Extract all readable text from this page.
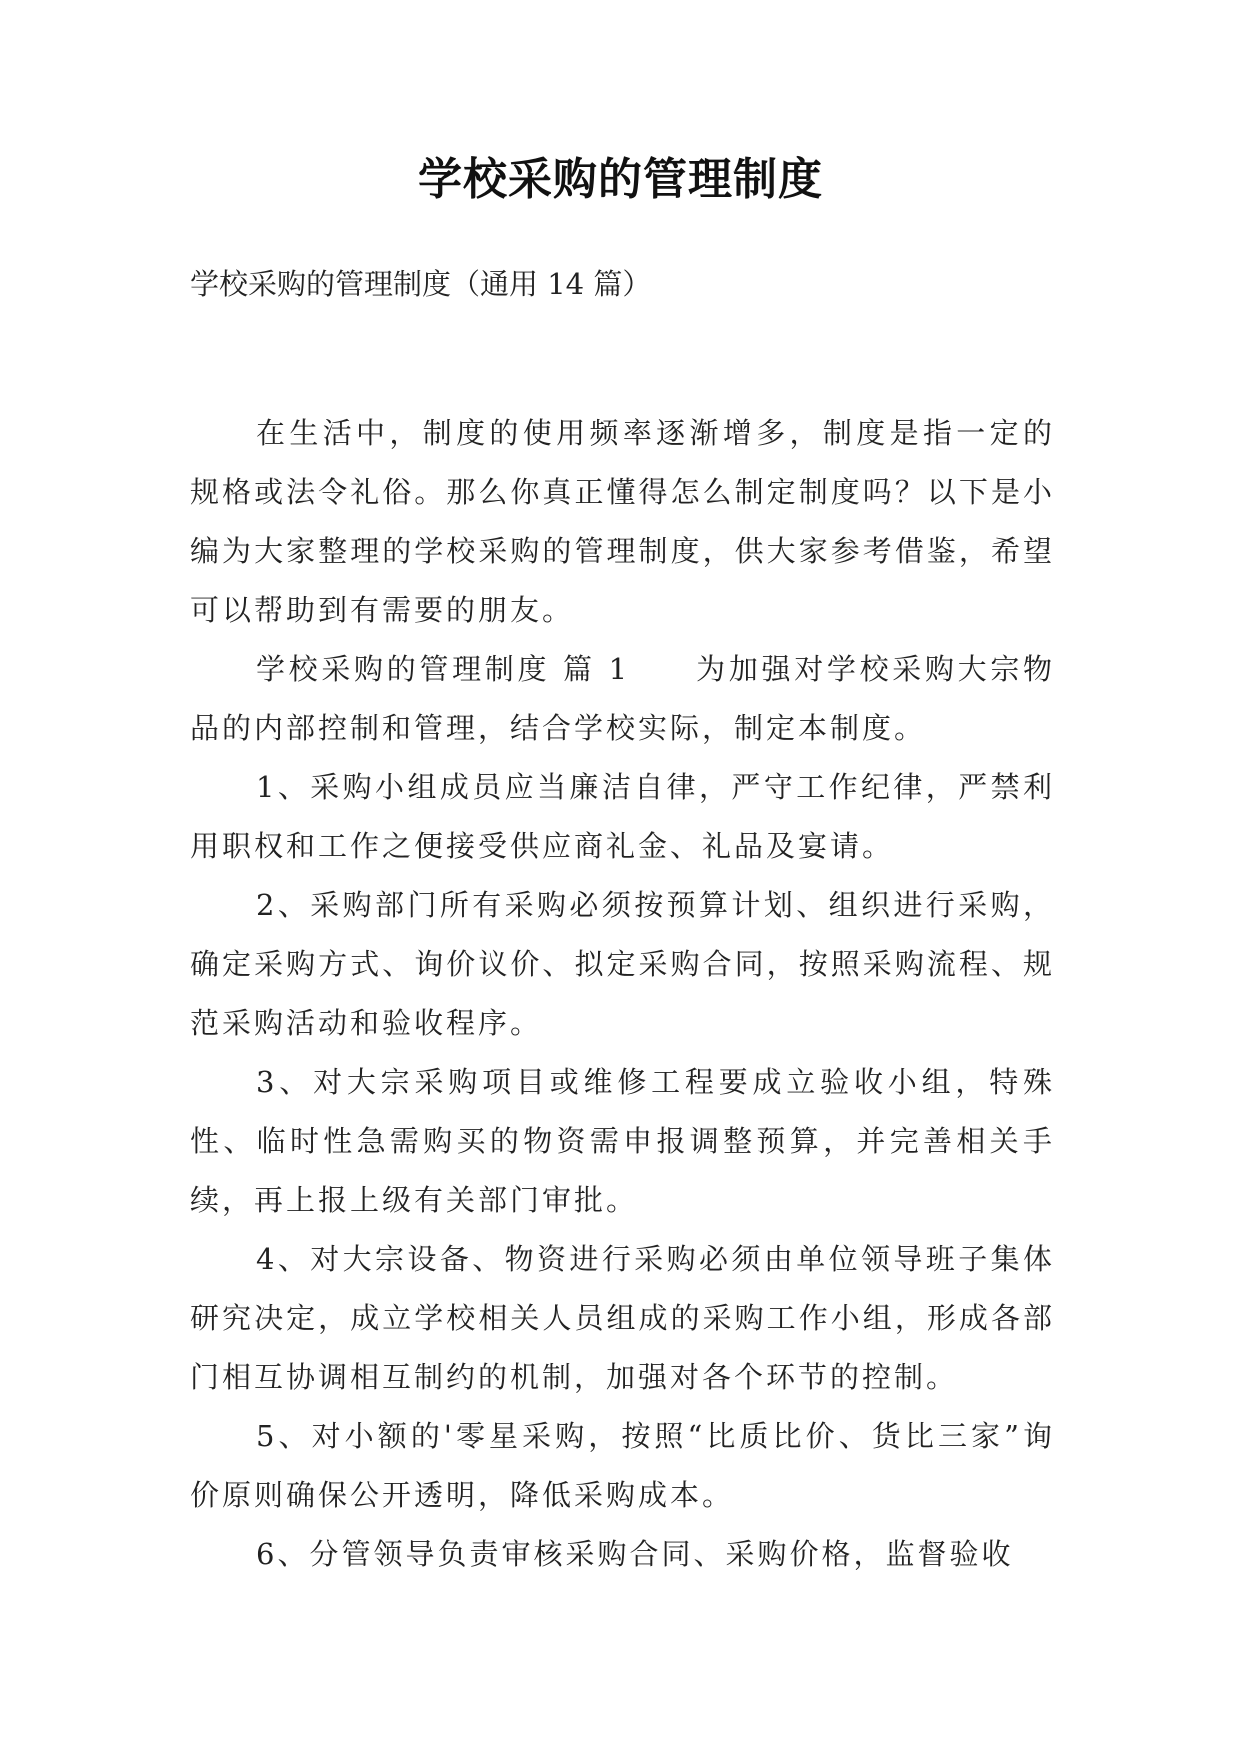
学校采购的管理制度
学校采购的管理制度（通用 14 篇）

在生活中，制度的使用频率逐渐增多，制度是指一定的规格或法令礼俗。那么你真正懂得怎么制定制度吗？以下是小编为大家整理的学校采购的管理制度，供大家参考借鉴，希望可以帮助到有需要的朋友。

学校采购的管理制度 篇 1　　为加强对学校采购大宗物品的内部控制和管理，结合学校实际，制定本制度。

1、采购小组成员应当廉洁自律，严守工作纪律，严禁利用职权和工作之便接受供应商礼金、礼品及宴请。

2、采购部门所有采购必须按预算计划、组织进行采购，确定采购方式、询价议价、拟定采购合同，按照采购流程、规范采购活动和验收程序。

3、对大宗采购项目或维修工程要成立验收小组，特殊性、临时性急需购买的物资需申报调整预算，并完善相关手续，再上报上级有关部门审批。

4、对大宗设备、物资进行采购必须由单位领导班子集体研究决定，成立学校相关人员组成的采购工作小组，形成各部门相互协调相互制约的机制，加强对各个环节的控制。

5、对小额的'零星采购，按照“比质比价、货比三家”询价原则确保公开透明，降低采购成本。

6、分管领导负责审核采购合同、采购价格，监督验收
